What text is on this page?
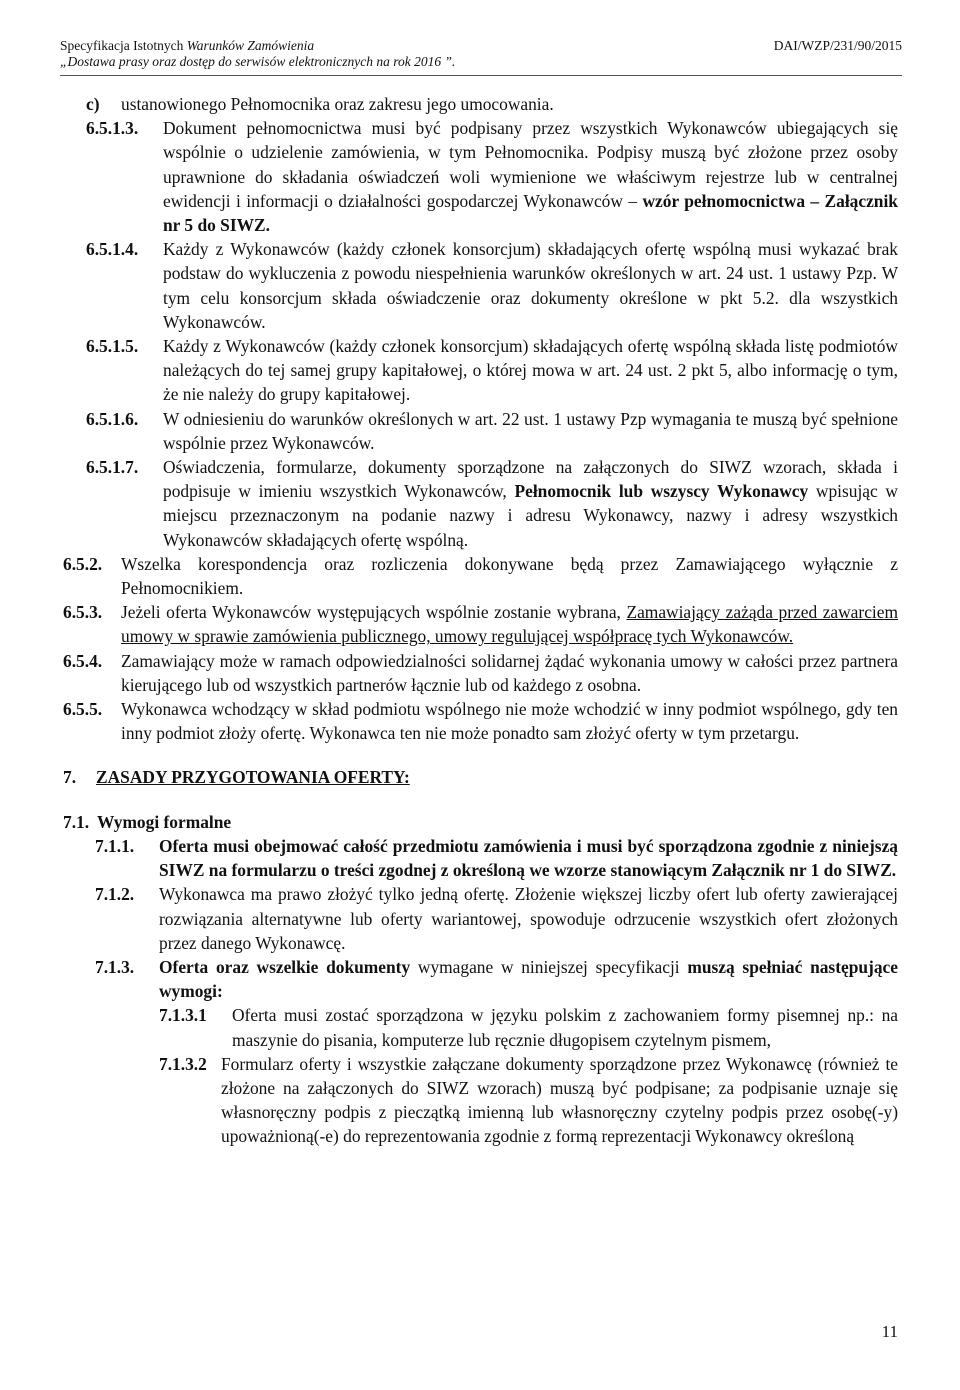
Specyfikacja Istotnych Warunków Zamówienia
„Dostawa prasy oraz dostęp do serwisów elektronicznych na rok 2016 ”.
DAI/WZP/231/90/2015
c) ustanowionego Pełnomocnika oraz zakresu jego umocowania.
6.5.1.3. Dokument pełnomocnictwa musi być podpisany przez wszystkich Wykonawców ubiegających się wspólnie o udzielenie zamówienia, w tym Pełnomocnika. Podpisy muszą być złożone przez osoby uprawnione do składania oświadczeń woli wymienione we właściwym rejestrze lub w centralnej ewidencji i informacji o działalności gospodarczej Wykonawców – wzór pełnomocnictwa – Załącznik nr 5 do SIWZ.
6.5.1.4. Każdy z Wykonawców (każdy członek konsorcjum) składających ofertę wspólną musi wykazać brak podstaw do wykluczenia z powodu niespełnienia warunków określonych w art. 24 ust. 1 ustawy Pzp. W tym celu konsorcjum składa oświadczenie oraz dokumenty określone w pkt 5.2. dla wszystkich Wykonawców.
6.5.1.5. Każdy z Wykonawców (każdy członek konsorcjum) składających ofertę wspólną składa listę podmiotów należących do tej samej grupy kapitałowej, o której mowa w art. 24 ust. 2 pkt 5, albo informację o tym, że nie należy do grupy kapitałowej.
6.5.1.6. W odniesieniu do warunków określonych w art. 22 ust. 1 ustawy Pzp wymagania te muszą być spełnione wspólnie przez Wykonawców.
6.5.1.7. Oświadczenia, formularze, dokumenty sporządzone na załączonych do SIWZ wzorach, składa i podpisuje w imieniu wszystkich Wykonawców, Pełnomocnik lub wszyscy Wykonawcy wpisując w miejscu przeznaczonym na podanie nazwy i adresu Wykonawcy, nazwy i adresy wszystkich Wykonawców składających ofertę wspólną.
6.5.2. Wszelka korespondencja oraz rozliczenia dokonywane będą przez Zamawiającego wyłącznie z Pełnomocnikiem.
6.5.3. Jeżeli oferta Wykonawców występujących wspólnie zostanie wybrana, Zamawiający zażąda przed zawarciem umowy w sprawie zamówienia publicznego, umowy regulującej współpracę tych Wykonawców.
6.5.4. Zamawiający może w ramach odpowiedzialności solidarnej żądać wykonania umowy w całości przez partnera kierującego lub od wszystkich partnerów łącznie lub od każdego z osobna.
6.5.5. Wykonawca wchodzący w skład podmiotu wspólnego nie może wchodzić w inny podmiot wspólnego, gdy ten inny podmiot złoży ofertę. Wykonawca ten nie może ponadto sam złożyć oferty w tym przetargu.
7. ZASADY PRZYGOTOWANIA OFERTY:
7.1. Wymogi formalne
7.1.1. Oferta musi obejmować całość przedmiotu zamówienia i musi być sporządzona zgodnie z niniejszą SIWZ na formularzu o treści zgodnej z określoną we wzorze stanowiącym Załącznik nr 1 do SIWZ.
7.1.2. Wykonawca ma prawo złożyć tylko jedną ofertę. Złożenie większej liczby ofert lub oferty zawierającej rozwiązania alternatywne lub oferty wariantowej, spowoduje odrzucenie wszystkich ofert złożonych przez danego Wykonawcę.
7.1.3. Oferta oraz wszelkie dokumenty wymagane w niniejszej specyfikacji muszą spełniać następujące wymogi:
7.1.3.1 Oferta musi zostać sporządzona w języku polskim z zachowaniem formy pisemnej np.: na maszynie do pisania, komputerze lub ręcznie długopisem czytelnym pismem,
7.1.3.2 Formularz oferty i wszystkie załączane dokumenty sporządzone przez Wykonawcę (również te złożone na załączonych do SIWZ wzorach) muszą być podpisane; za podpisanie uznaje się własnoręczny podpis z pieczątką imienną lub własnoręczny czytelny podpis przez osobę(-y) upoważnioną(-e) do reprezentowania zgodnie z formą reprezentacji Wykonawcy określoną
11
